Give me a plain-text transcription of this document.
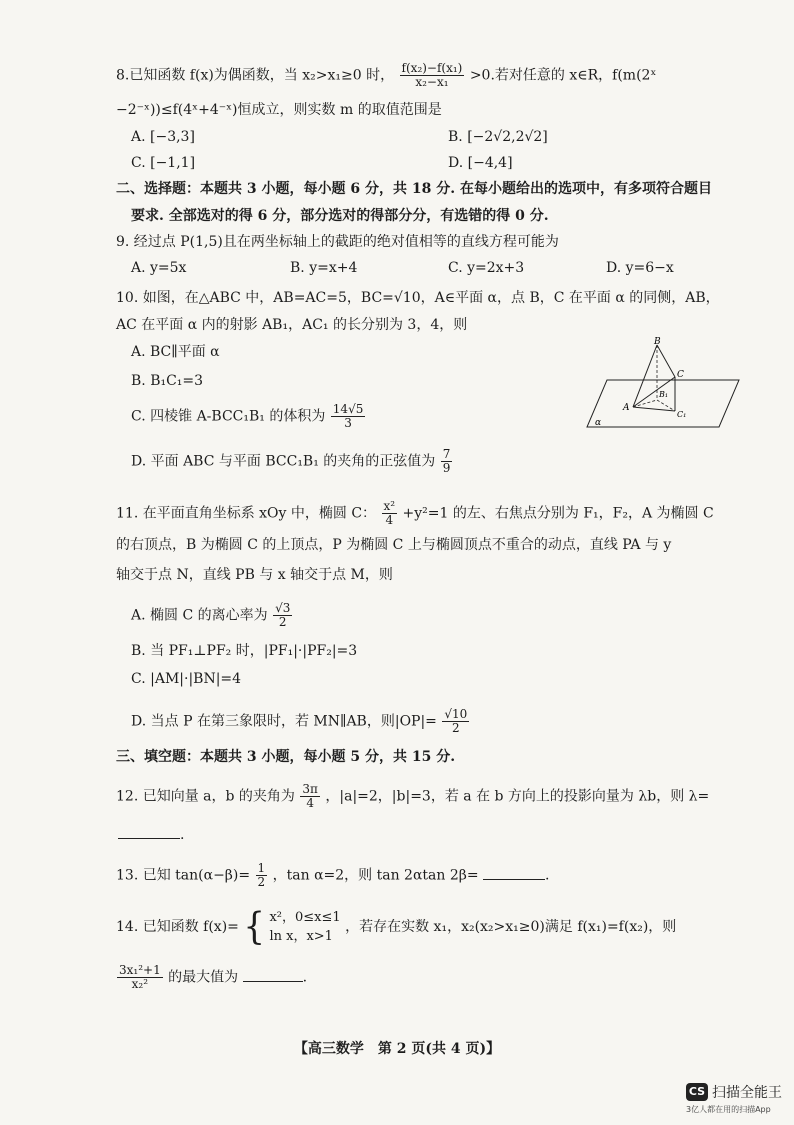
8.已知函数 f(x)为偶函数，当 x₂>x₁≥0 时， $\frac{\text{f(x₂)−f(x₁)}}{\text{x₂−x₁}} >0$.若对任意的 x∈R，f(m(2ˣ
−2⁻ˣ))≤f(4ˣ+4⁻ˣ)恒成立，则实数 m 的取值范围是
A. [−3,3]	B. [−2√2,2√2]
C. [−1,1]	D. [−4,4]
二、选择题：本题共 3 小题，每小题 6 分，共 18 分. 在每小题给出的选项中，有多项符合题目
要求. 全部选对的得 6 分，部分选对的得部分分，有选错的得 0 分.
9. 经过点 P(1,5)且在两坐标轴上的截距的绝对值相等的直线方程可能为
A. y=5x	B. y=x+4	C. y=2x+3	D. y=6−x
10. 如图，在△ABC 中，AB=AC=5，BC=√10，A∈平面 α，点 B，C 在平面 α 的同侧，AB，
AC 在平面 α 内的射影 AB₁，AC₁ 的长分别为 3，4，则
A. BC∥平面 α
B. B₁C₁=3
C. 四棱锥 A-BCC₁B₁ 的体积为 $\frac{14√5}{3}$
D. 平面 ABC 与平面 BCC₁B₁ 的夹角的正弦值为 $\frac{7}{9}$
B
C
A
B₁
C₁
α
11. 在平面直角坐标系 xOy 中，椭圆 C： $\frac{\text{x²}}{4} +y^2=1$ 的左、右焦点分别为 F₁，F₂，A 为椭圆 C
的右顶点，B 为椭圆 C 的上顶点，P 为椭圆 C 上与椭圆顶点不重合的动点，直线 PA 与 y
轴交于点 N，直线 PB 与 x 轴交于点 M，则
A. 椭圆 C 的离心率为 $\frac{√3}{2}$
B. 当 PF₁⊥PF₂ 时，|PF₁|·|PF₂|=3
C. |AM|·|BN|=4
D. 当点 P 在第三象限时，若 MN∥AB，则$|OP|= \frac{√10}{2}$
三、填空题：本题共 3 小题，每小题 5 分，共 15 分.
12. 已知向量 a，b 的夹角为 $\frac{3\pi}{4}$ ，|a|=2，|b|=3，若 a 在 b 方向上的投影向量为 λb，则 λ=
.
13. 已知 $\tan(\alpha-\beta)= \frac{1}{2}$ ，tan α=2，则 tan 2αtan 2β=	.
14. 已知函数 f(x)= { x²，0≤x≤1
ln x，x>1
，若存在实数 x₁，x₂(x₂>x₁≥0)满足 f(x₁)=f(x₂)，则
$\frac{\text{3x₁²+1}}{\text{x₂²}}$ 的最大值为	.
【高三数学　第 2 页(共 4 页)】
CS 扫描全能王
3亿人都在用的扫描App
